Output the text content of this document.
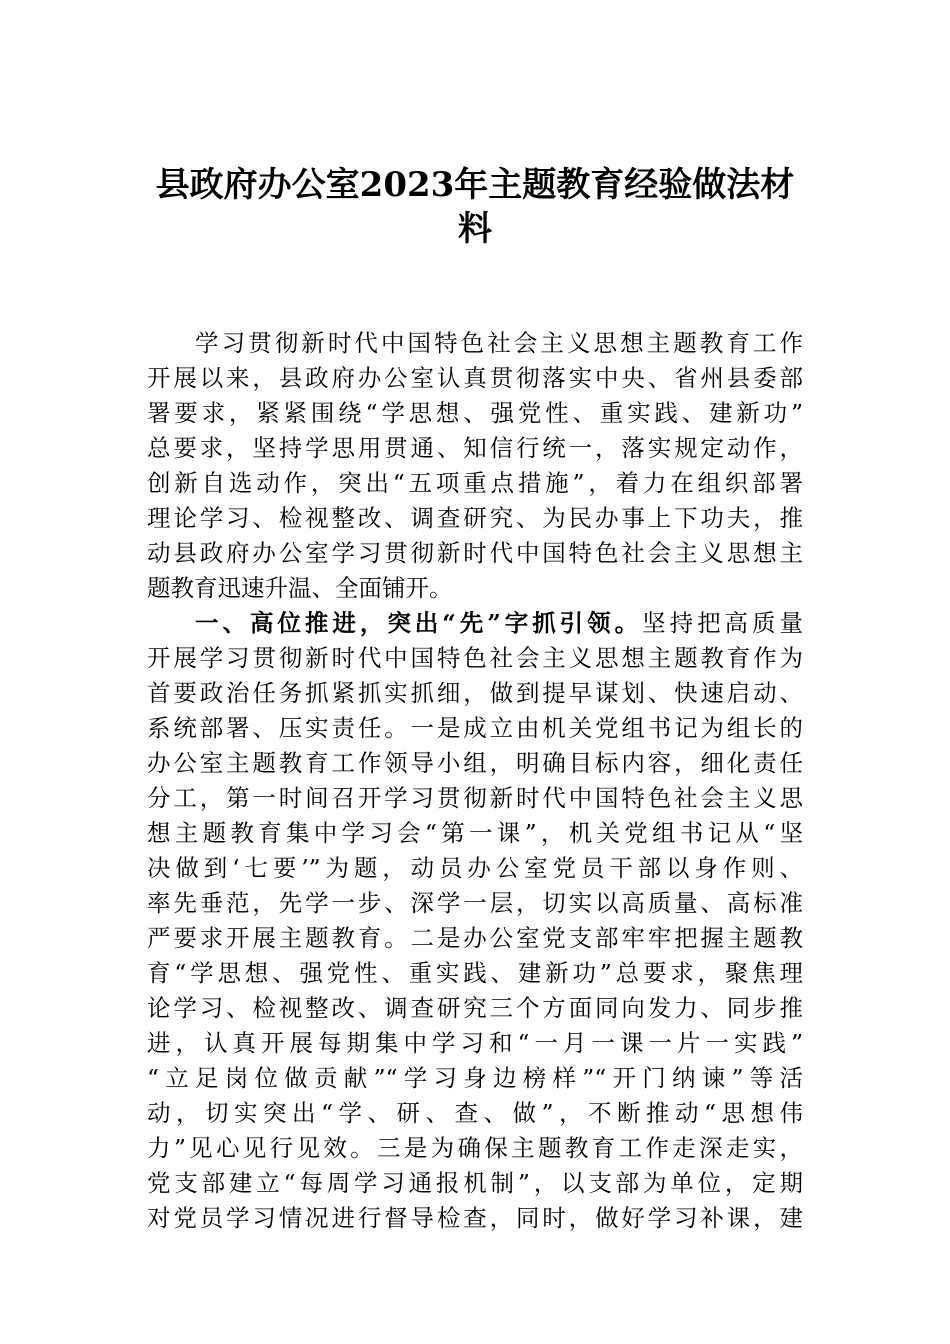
县政府办公室2023年主题教育经验做法材
料
学习贯彻新时代中国特色社会主义思想主题教育工作
开展以来，县政府办公室认真贯彻落实中央、省州县委部
署要求，紧紧围绕“学思想、强党性、重实践、建新功”
总要求，坚持学思用贯通、知信行统一，落实规定动作，
创新自选动作，突出“五项重点措施”，着力在组织部署
理论学习、检视整改、调查研究、为民办事上下功夫，推
动县政府办公室学习贯彻新时代中国特色社会主义思想主
题教育迅速升温、全面铺开。
一、高位推进，突出“先”字抓引领。坚持把高质量
开展学习贯彻新时代中国特色社会主义思想主题教育作为
首要政治任务抓紧抓实抓细，做到提早谋划、快速启动、
系统部署、压实责任。一是成立由机关党组书记为组长的
办公室主题教育工作领导小组，明确目标内容，细化责任
分工，第一时间召开学习贯彻新时代中国特色社会主义思
想主题教育集中学习会“第一课”，机关党组书记从“坚
决做到‘七要’”为题，动员办公室党员干部以身作则、
率先垂范，先学一步、深学一层，切实以高质量、高标准
严要求开展主题教育。二是办公室党支部牢牢把握主题教
育“学思想、强党性、重实践、建新功”总要求，聚焦理
论学习、检视整改、调查研究三个方面同向发力、同步推
进，认真开展每期集中学习和“一月一课一片一实践”
“立足岗位做贡献”“学习身边榜样”“开门纳谏”等活
动，切实突出“学、研、查、做”，不断推动“思想伟
力”见心见行见效。三是为确保主题教育工作走深走实，
党支部建立“每周学习通报机制”，以支部为单位，定期
对党员学习情况进行督导检查，同时，做好学习补课，建
